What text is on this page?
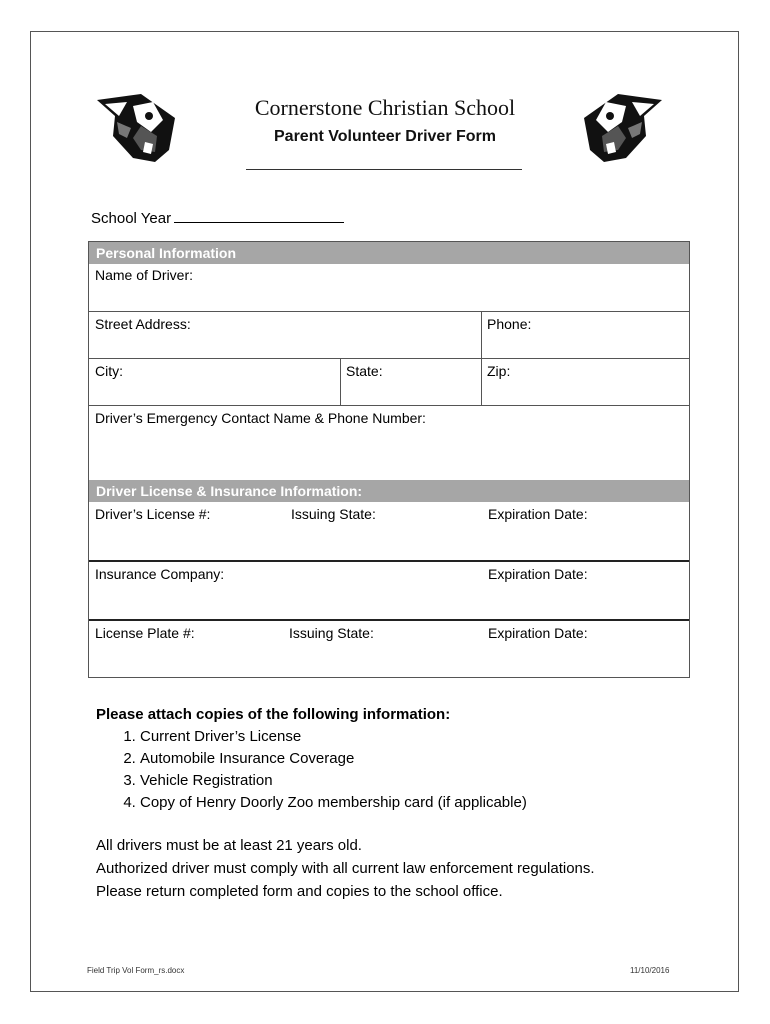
Cornerstone Christian School
Parent Volunteer Driver Form
School Year
Personal Information
Name of Driver:
Street Address:	Phone:
City:	State:	Zip:
Driver’s Emergency Contact Name & Phone Number:
Driver License & Insurance Information:
Driver’s License #:	Issuing State:	Expiration Date:
Insurance Company:	Expiration Date:
License Plate #:	Issuing State:	Expiration Date:
Please attach copies of the following information:
1. Current Driver’s License
2. Automobile Insurance Coverage
3. Vehicle Registration
4. Copy of Henry Doorly Zoo membership card (if applicable)
All drivers must be at least 21 years old.
Authorized driver must comply with all current law enforcement regulations.
Please return completed form and copies to the school office.
Field Trip Vol Form_rs.docx	11/10/2016
